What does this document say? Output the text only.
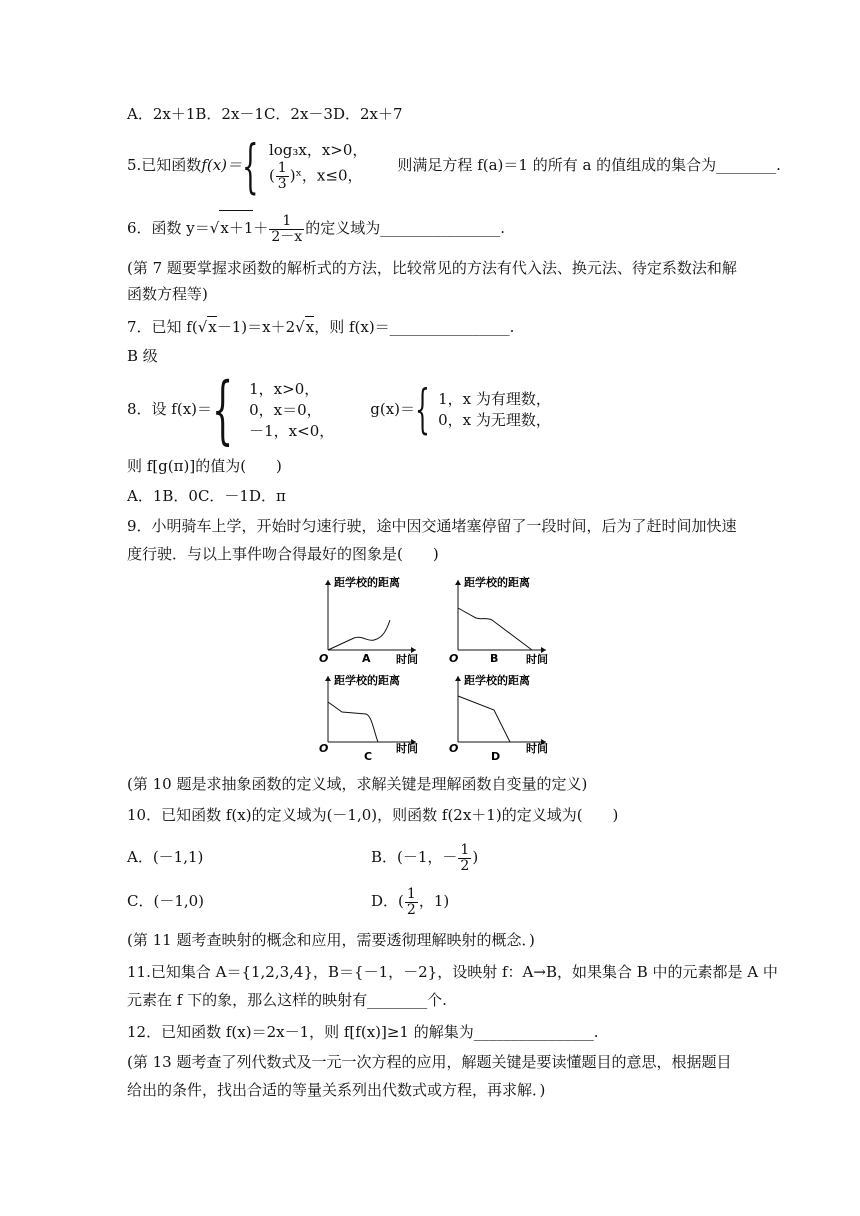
A．2x＋1B．2x－1C．2x－3D．2x＋7
5.已知函数f(x)＝{ log₃x，x>0，
( $\frac{1}{3}$ )ˣ，x≤0，
则满足方程 f(a)＝1 的所有 a 的值组成的集合为________.
6．函数 $y=√x+1+ \frac{1}{2-x}$ 的定义域为________________.
(第 7 题要掌握求函数的解析式的方法，比较常见的方法有代入法、换元法、待定系数法和解
函数方程等)
7．已知 f(√x－1)＝x＋2√x，则 f(x)＝________________.
B 级
8．设 f(x)＝{ 1，x>0，
0，x＝0，
－1，x<0，
g(x)＝{ 1，x 为有理数，
0，x 为无理数，
则 f[g(π)]的值为(　　)
A．1B．0C．－1D．π
9．小明骑车上学，开始时匀速行驶，途中因交通堵塞停留了一段时间，后为了赶时间加快速
度行驶．与以上事件吻合得最好的图象是(　　)
距学校的距离
时间
O	A
距学校的距离
时间
O	B
距学校的距离
时间
O
C
距学校的距离
时间
O
D
(第 10 题是求抽象函数的定义域，求解关键是理解函数自变量的定义)
10．已知函数 f(x)的定义域为(－1,0)，则函数 f(2x＋1)的定义域为(　　)
A．(－1,1)	B．(－1，－ $\frac{1}{2}$ )
C．(－1,0)	D．( $\frac{1}{2}$ ，1)
(第 11 题考查映射的概念和应用，需要透彻理解映射的概念．)
11.已知集合 A＝{1,2,3,4}，B＝{－1，－2}，设映射 f：A→B，如果集合 B 中的元素都是 A 中
元素在 f 下的象，那么这样的映射有________个.
12．已知函数 f(x)＝2x－1，则 f[f(x)]≥1 的解集为________________.
(第 13 题考查了列代数式及一元一次方程的应用，解题关键是要读懂题目的意思，根据题目
给出的条件，找出合适的等量关系列出代数式或方程，再求解．)
